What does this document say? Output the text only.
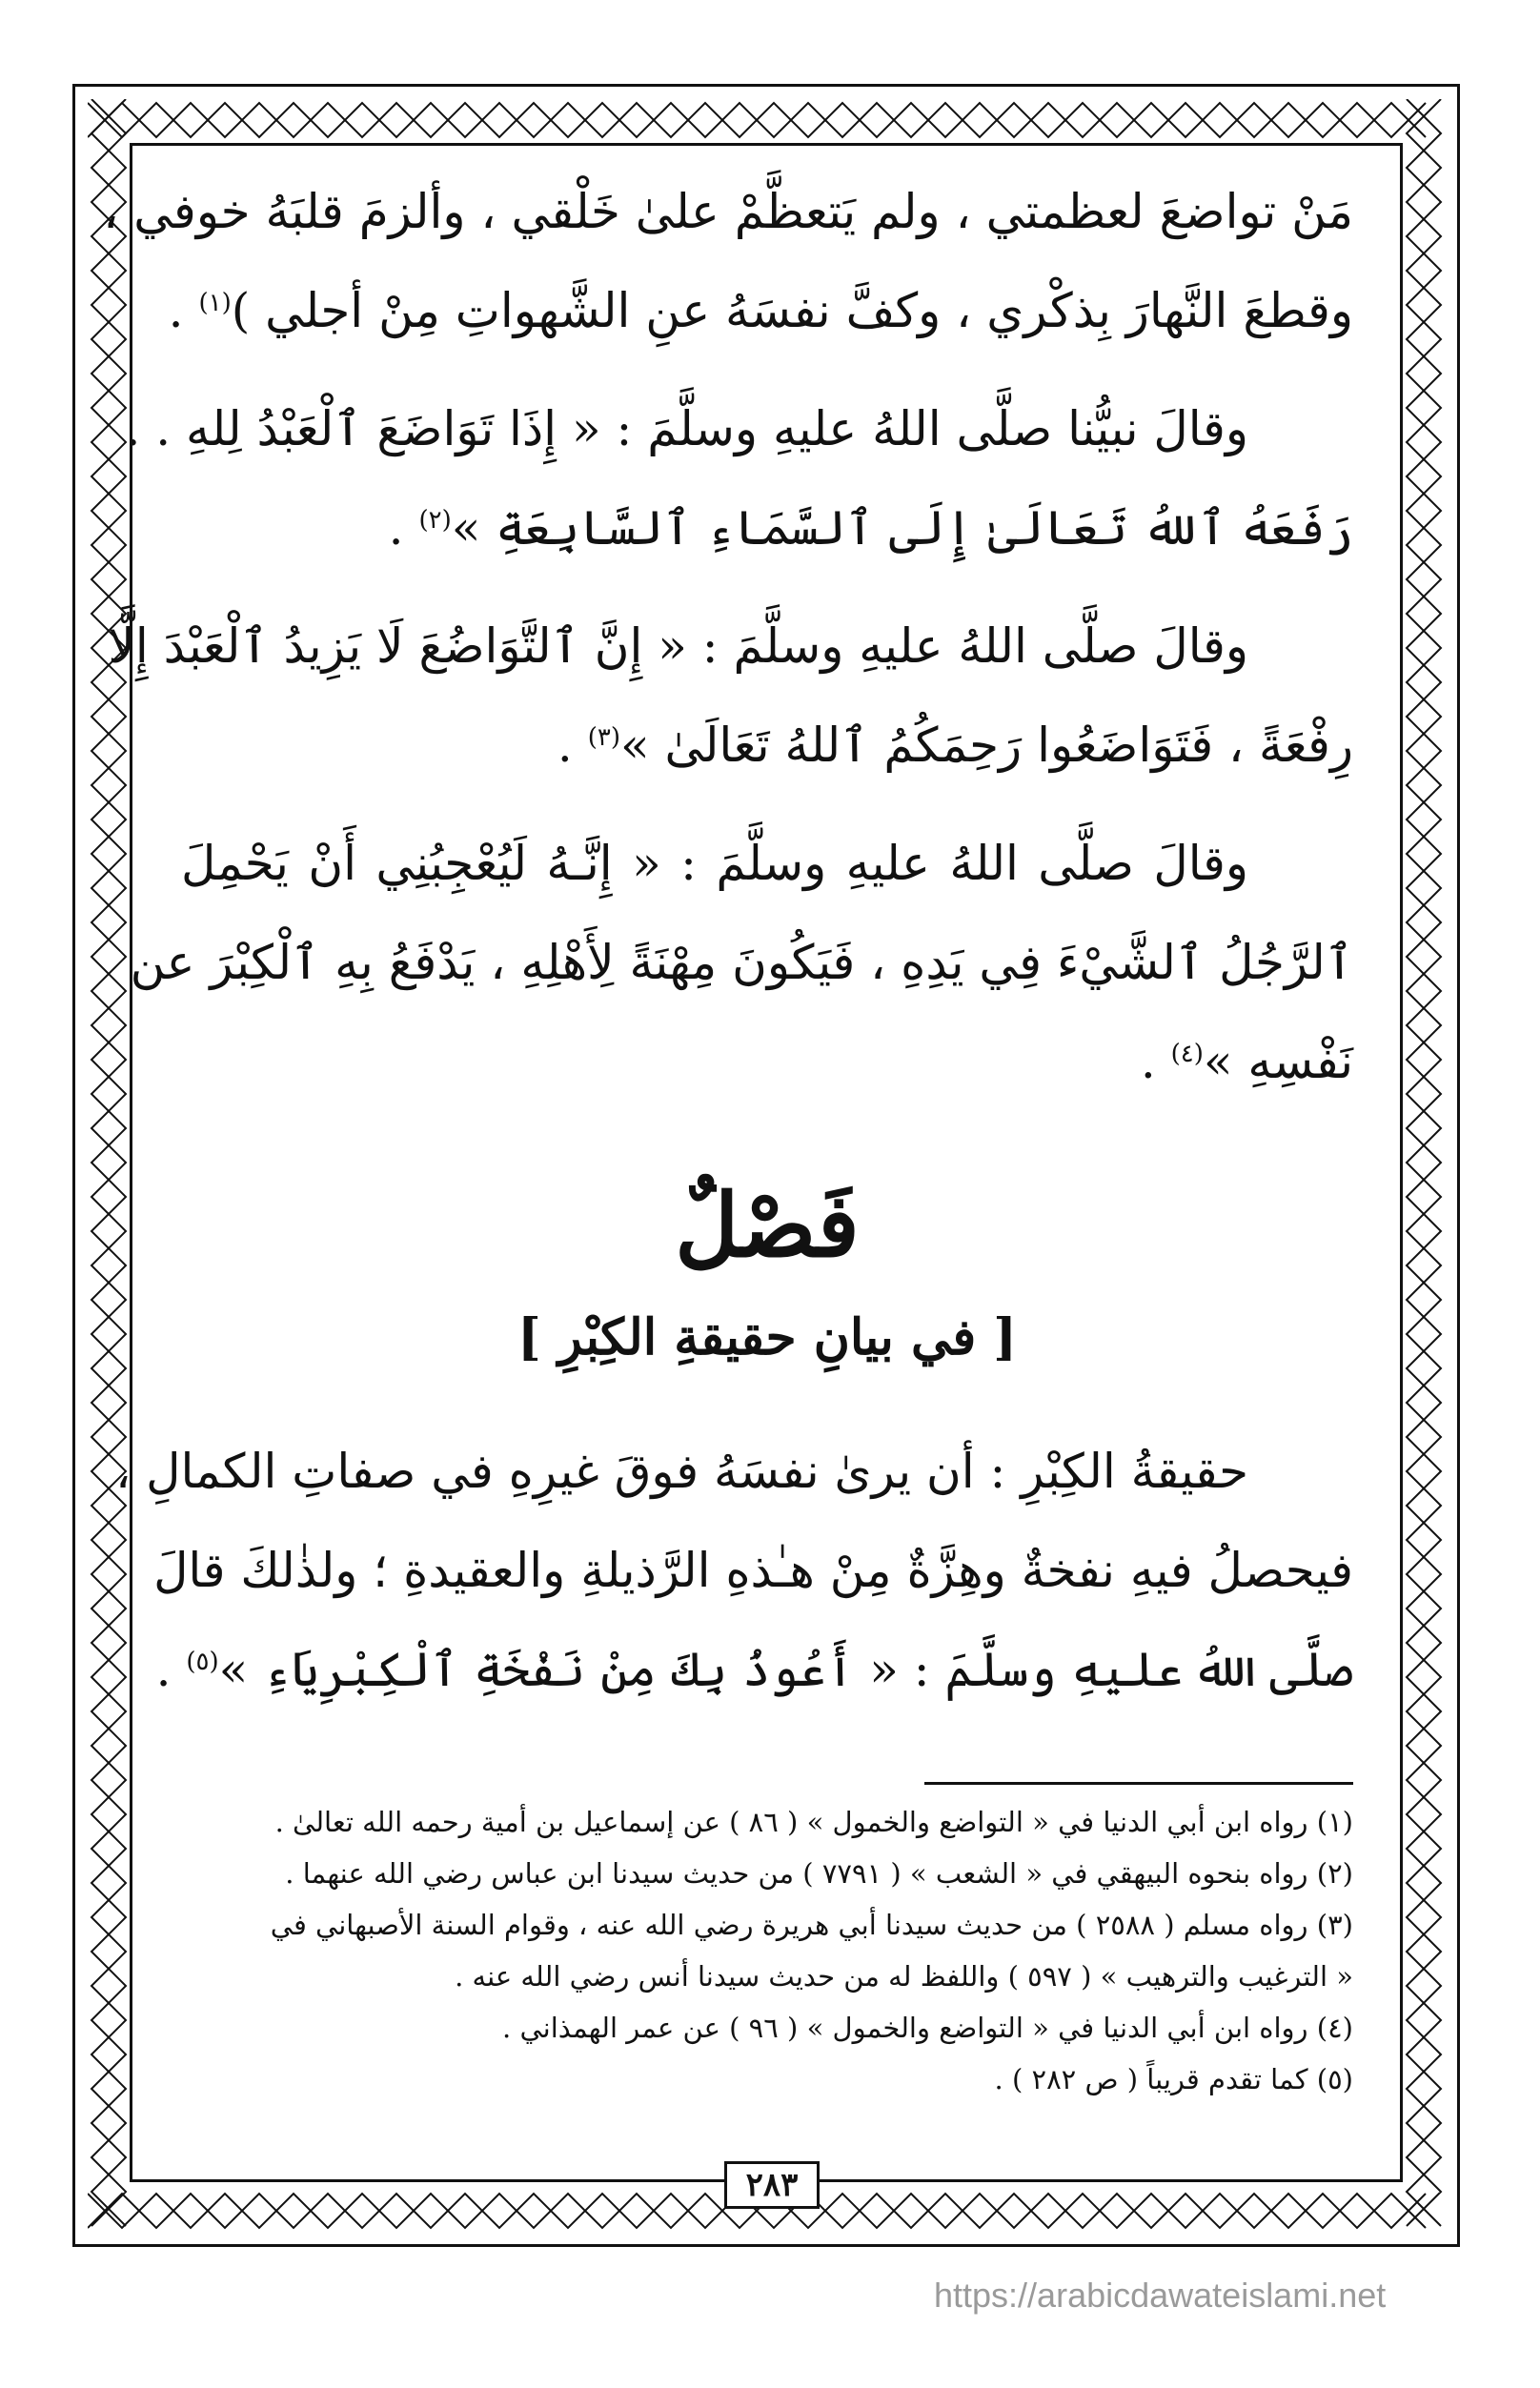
مَنْ تواضعَ لعظمتي ، ولم يَتعظَّمْ علىٰ خَلْقي ، وألزمَ قلبَهُ خوفي ،
وقطعَ النَّهارَ بِذكْري ، وكفَّ نفسَهُ عنِ الشَّهواتِ مِنْ أجلي )$^{(١)}$ .

وقالَ نبيُّنا صلَّى اللهُ عليهِ وسلَّمَ : « إِذَا تَوَاضَعَ ٱلْعَبْدُ لِلهِ . .
رَفَعَهُ ٱللهُ تَعَالَىٰ إِلَى ٱلسَّمَاءِ ٱلسَّابِعَةِ »$^{(٢)}$ .

وقالَ صلَّى اللهُ عليهِ وسلَّمَ : « إِنَّ ٱلتَّوَاضُعَ لَا يَزِيدُ ٱلْعَبْدَ إِلَّا
رِفْعَةً ، فَتَوَاضَعُوا رَحِمَكُمُ ٱللهُ تَعَالَىٰ »$^{(٣)}$ .

وقالَ صلَّى اللهُ عليهِ وسلَّمَ : « إِنَّـهُ لَيُعْجِبُنِي أَنْ يَحْمِلَ
ٱلرَّجُلُ ٱلشَّيْءَ فِي يَدِهِ ، فَيَكُونَ مِهْنَةً لِأَهْلِهِ ، يَدْفَعُ بِهِ ٱلْكِبْرَ عن
نَفْسِهِ »$^{(٤)}$ .

فَصْلٌ
[ في بيانِ حقيقةِ الكِبْرِ ]

حقيقةُ الكِبْرِ : أن يرىٰ نفسَهُ فوقَ غيرِهِ في صفاتِ الكمالِ ،
فيحصلُ فيهِ نفخةٌ وهِزَّةٌ مِنْ هـٰذهِ الرَّذيلةِ والعقيدةِ ؛ ولذٰلكَ قالَ
صلَّى اللهُ عليهِ وسلَّمَ : « أَعُوذُ بِكَ مِنْ نَفْخَةِ ٱلْكِبْرِيَاءِ »$^{(٥)}$ .

(١) رواه ابن أبي الدنيا في « التواضع والخمول » ( ٨٦ ) عن إسماعيل بن أمية رحمه الله تعالىٰ .
(٢) رواه بنحوه البيهقي في « الشعب » ( ٧٧٩١ ) من حديث سيدنا ابن عباس رضي الله عنهما .
(٣) رواه مسلم ( ٢٥٨٨ ) من حديث سيدنا أبي هريرة رضي الله عنه ، وقوام السنة الأصبهاني في
« الترغيب والترهيب » ( ٥٩٧ ) واللفظ له من حديث سيدنا أنس رضي الله عنه .
(٤) رواه ابن أبي الدنيا في « التواضع والخمول » ( ٩٦ ) عن عمر الهمذاني .
(٥) كما تقدم قريباً ( ص ٢٨٢ ) .
٢٨٣
https://arabicdawateislami.net
